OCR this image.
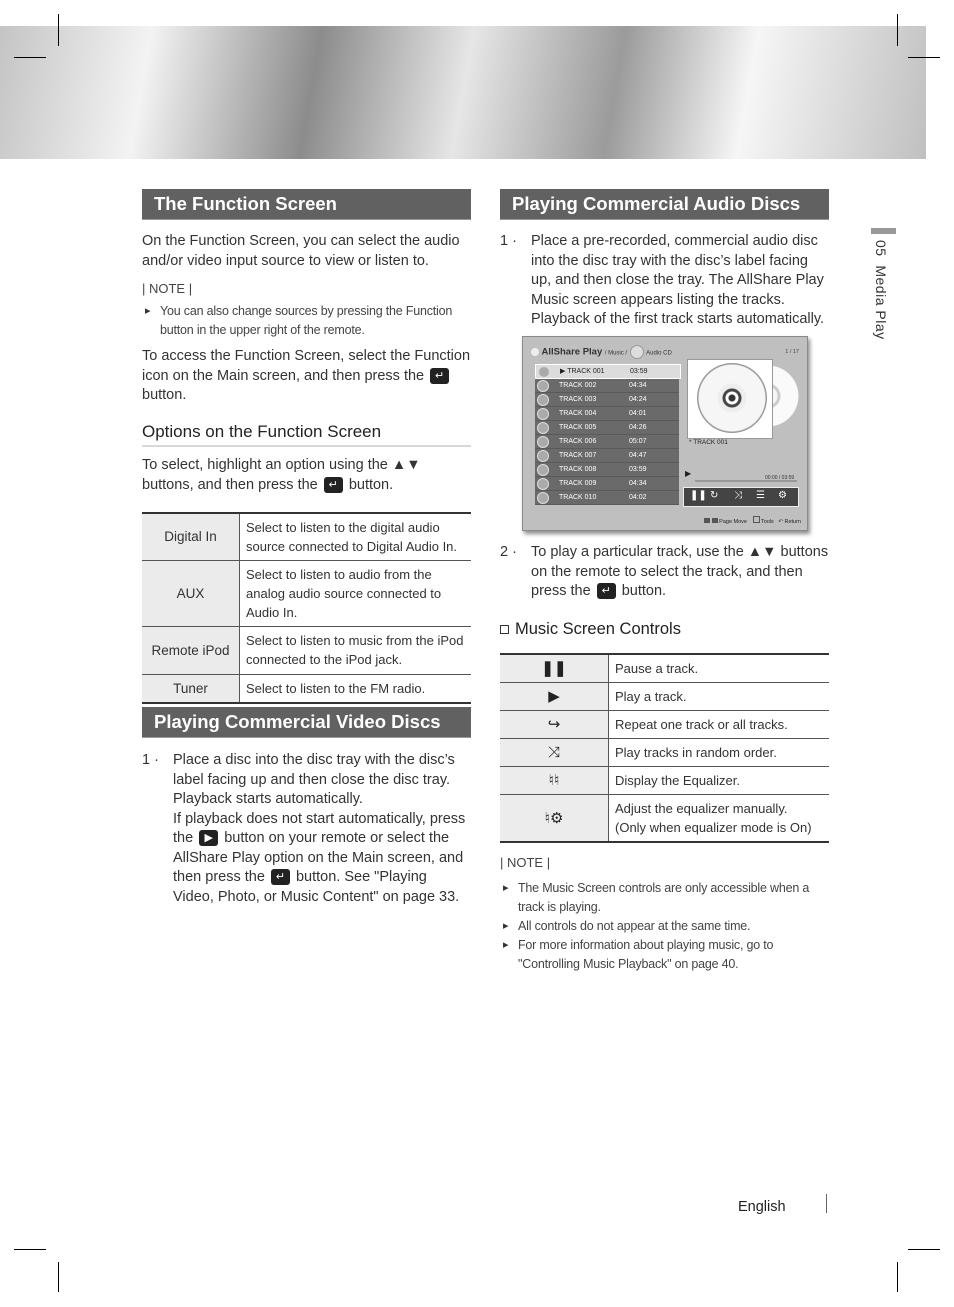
05  Media Play
The Function Screen

On the Function Screen, you can select the audio and/or video input source to view or listen to.

| NOTE |
▸ You can also change sources by pressing the Function button in the upper right of the remote.

To access the Function Screen, select the Function icon on the Main screen, and then press the ↵ button.

Options on the Function Screen

To select, highlight an option using the ▲▼ buttons, and then press the ↵ button.

Digital In	Select to listen to the digital audio source connected to Digital Audio In.
AUX	Select to listen to audio from the analog audio source connected to Audio In.
Remote iPod	Select to listen to music from the iPod connected to the iPod jack.
Tuner	Select to listen to the FM radio.
Playing Commercial Video Discs
1 · Place a disc into the disc tray with the disc’s label facing up and then close the disc tray. Playback starts automatically.

If playback does not start automatically, press the ▶ button on your remote or select the AllShare Play option on the Main screen, and then press the ↵ button. See "Playing Video, Photo, or Music Content" on page 33.

Playing Commercial Audio Discs
1 · Place a pre-recorded, commercial audio disc into the disc tray with the disc’s label facing up, and then close the tray. The AllShare Play Music screen appears listing the tracks. Playback of the first track starts automatically.

AllShare Play / Music /	Audio CD	1 / 17
▶ TRACK 001	03:59
TRACK 002	04:34
TRACK 003	04:24
TRACK 004	04:01
TRACK 005	04:26
TRACK 006	05:07
TRACK 007	04:47
TRACK 008	03:59
TRACK 009	04:34
TRACK 010	04:02
* TRACK 001
▶	00:00 / 03:59
❚❚ ↻ ⤨ ☰ ⚙
Page Move	Tools ↶ Return
2 · To play a particular track, use the ▲▼ buttons on the remote to select the track, and then press the ↵ button.

Music Screen Controls
❚❚	Pause a track.
▶	Play a track.
↪	Repeat one track or all tracks.
⤨	Play tracks in random order.
♮♮	Display the Equalizer.
♮⚙	Adjust the equalizer manually.
(Only when equalizer mode is On)
| NOTE |
▸ The Music Screen controls are only accessible when a track is playing.
▸ All controls do not appear at the same time.
▸ For more information about playing music, go to "Controlling Music Playback" on page 40.
English
